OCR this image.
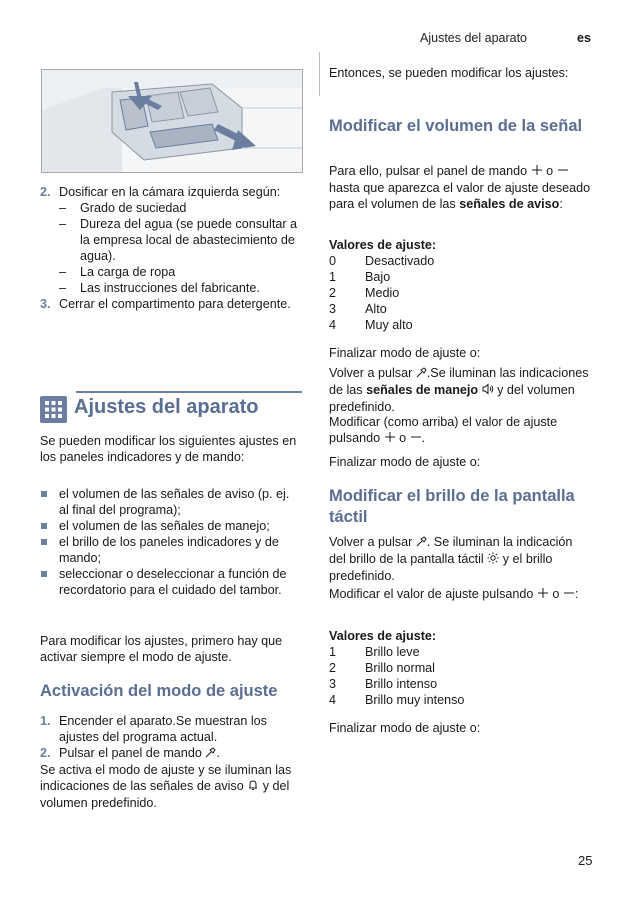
Ajustes del aparato	es
2. Dosificar en la cámara izquierda según:
– Grado de suciedad
– Dureza del agua (se puede consultar a la empresa local de abastecimiento de agua).
– La carga de ropa
– Las instrucciones del fabricante.
3. Cerrar el compartimento para detergente.
Ajustes del aparato
Se pueden modificar los siguientes ajustes en los paneles indicadores y de mando:
el volumen de las señales de aviso (p. ej. al final del programa);
el volumen de las señales de manejo;
el brillo de los paneles indicadores y de mando;
seleccionar o deseleccionar a función de recordatorio para el cuidado del tambor.
Para modificar los ajustes, primero hay que activar siempre el modo de ajuste.
Activación del modo de ajuste
1. Encender el aparato.Se muestran los ajustes del programa actual.
2. Pulsar el panel de mando .
Se activa el modo de ajuste y se iluminan las indicaciones de las señales de aviso y del volumen predefinido.
Entonces, se pueden modificar los ajustes:
Modificar el volumen de la señal
Para ello, pulsar el panel de mando o  hasta que aparezca el valor de ajuste deseado para el volumen de las señales de aviso:
Valores de ajuste:
0 Desactivado
1 Bajo
2 Medio
3 Alto
4 Muy alto
Finalizar modo de ajuste o:
Volver a pulsar .Se iluminan las indicaciones de las señales de manejo y del volumen predefinido.
Modificar (como arriba) el valor de ajuste pulsando o .
Finalizar modo de ajuste o:
Modificar el brillo de la pantalla táctil
Volver a pulsar . Se iluminan la indicación del brillo de la pantalla táctil y el brillo predefinido.
Modificar el valor de ajuste pulsando o :
Valores de ajuste:
1 Brillo leve
2 Brillo normal
3 Brillo intenso
4 Brillo muy intenso
Finalizar modo de ajuste o:
25
